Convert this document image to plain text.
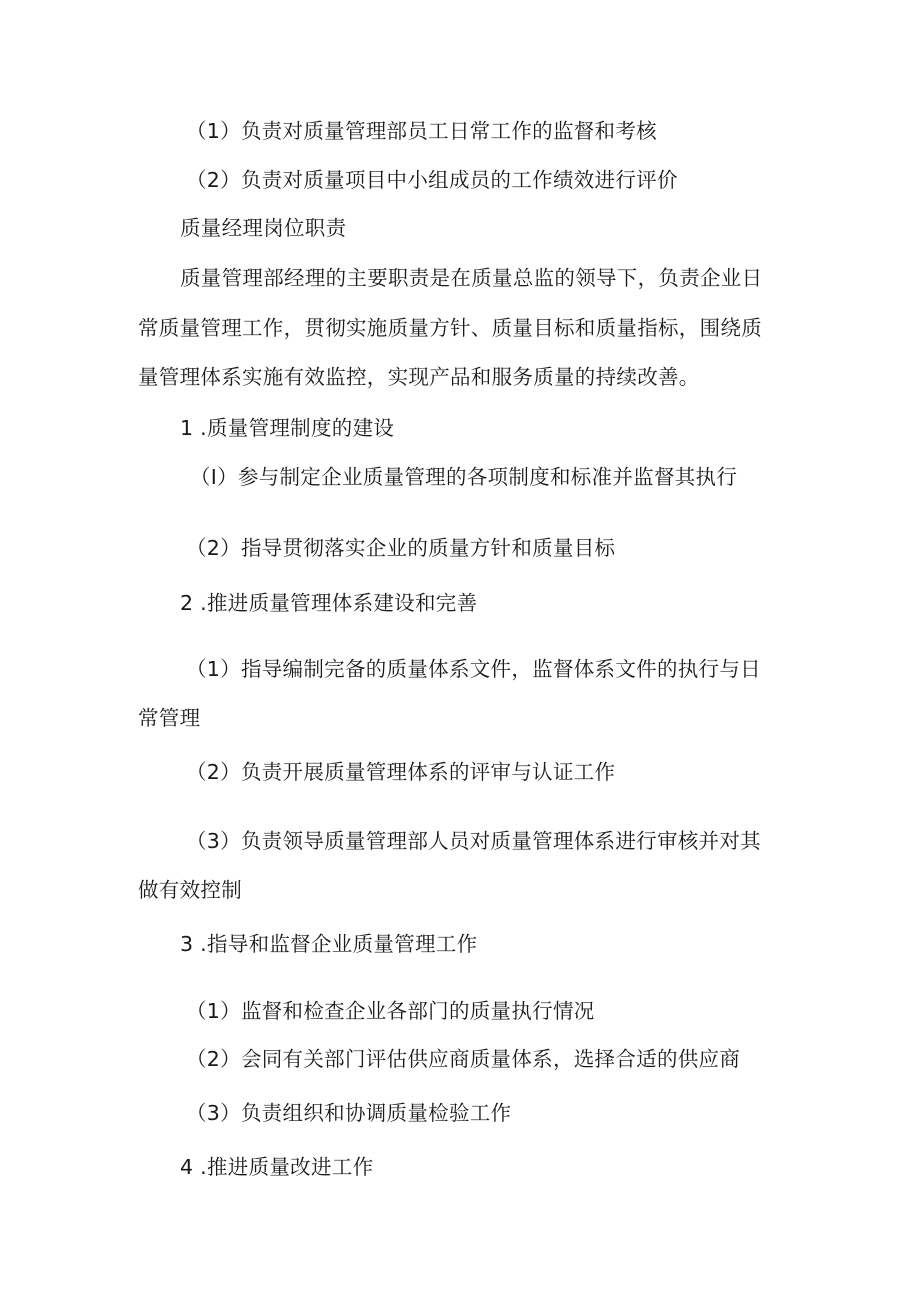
（1）负责对质量管理部员工日常工作的监督和考核

（2）负责对质量项目中小组成员的工作绩效进行评价

质量经理岗位职责

质量管理部经理的主要职责是在质量总监的领导下，负责企业日

常质量管理工作，贯彻实施质量方针、质量目标和质量指标，围绕质

量管理体系实施有效监控，实现产品和服务质量的持续改善。

1 .质量管理制度的建设

（I）参与制定企业质量管理的各项制度和标准并监督其执行

（2）指导贯彻落实企业的质量方针和质量目标

2 .推进质量管理体系建设和完善

（1）指导编制完备的质量体系文件，监督体系文件的执行与日

常管理

（2）负责开展质量管理体系的评审与认证工作

（3）负责领导质量管理部人员对质量管理体系进行审核并对其

做有效控制

3 .指导和监督企业质量管理工作

（1）监督和检查企业各部门的质量执行情况

（2）会同有关部门评估供应商质量体系，选择合适的供应商

（3）负责组织和协调质量检验工作

4 .推进质量改进工作
